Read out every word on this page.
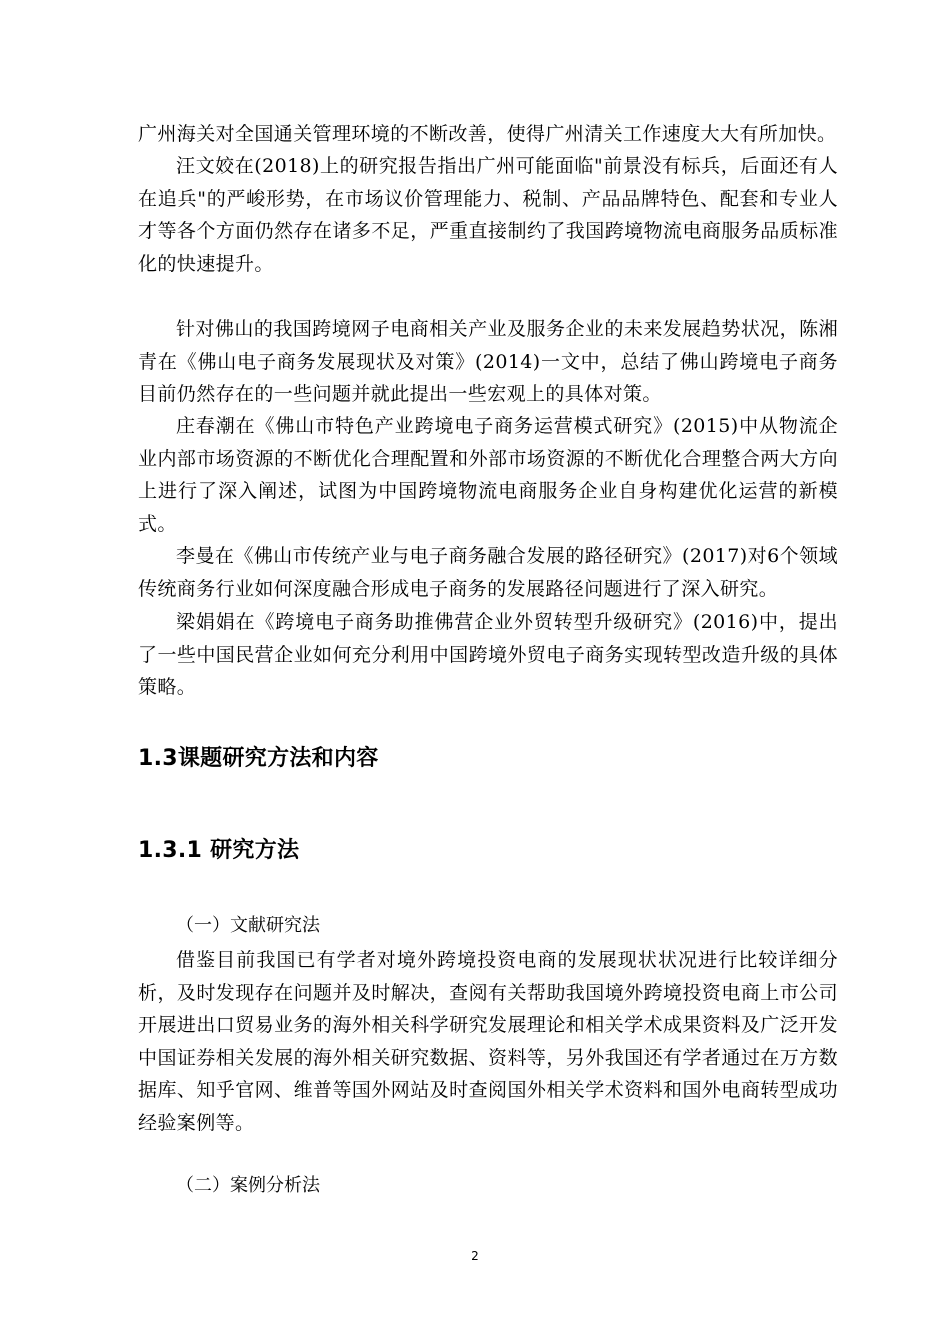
广州海关对全国通关管理环境的不断改善，使得广州清关工作速度大大有所加快。

汪文姣在(2018)上的研究报告指出广州可能面临"前景没有标兵，后面还有人在追兵"的严峻形势，在市场议价管理能力、税制、产品品牌特色、配套和专业人才等各个方面仍然存在诸多不足，严重直接制约了我国跨境物流电商服务品质标准化的快速提升。

针对佛山的我国跨境网子电商相关产业及服务企业的未来发展趋势状况，陈湘青在《佛山电子商务发展现状及对策》(2014)一文中，总结了佛山跨境电子商务目前仍然存在的一些问题并就此提出一些宏观上的具体对策。

庄春潮在《佛山市特色产业跨境电子商务运营模式研究》(2015)中从物流企业内部市场资源的不断优化合理配置和外部市场资源的不断优化合理整合两大方向上进行了深入阐述，试图为中国跨境物流电商服务企业自身构建优化运营的新模式。

李曼在《佛山市传统产业与电子商务融合发展的路径研究》(2017)对6个领域传统商务行业如何深度融合形成电子商务的发展路径问题进行了深入研究。

梁娟娟在《跨境电子商务助推佛营企业外贸转型升级研究》(2016)中，提出了一些中国民营企业如何充分利用中国跨境外贸电子商务实现转型改造升级的具体策略。

1.3课题研究方法和内容
1.3.1 研究方法

（一）文献研究法

借鉴目前我国已有学者对境外跨境投资电商的发展现状状况进行比较详细分析，及时发现存在问题并及时解决，查阅有关帮助我国境外跨境投资电商上市公司开展进出口贸易业务的海外相关科学研究发展理论和相关学术成果资料及广泛开发中国证券相关发展的海外相关研究数据、资料等，另外我国还有学者通过在万方数据库、知乎官网、维普等国外网站及时查阅国外相关学术资料和国外电商转型成功经验案例等。

（二）案例分析法

2
